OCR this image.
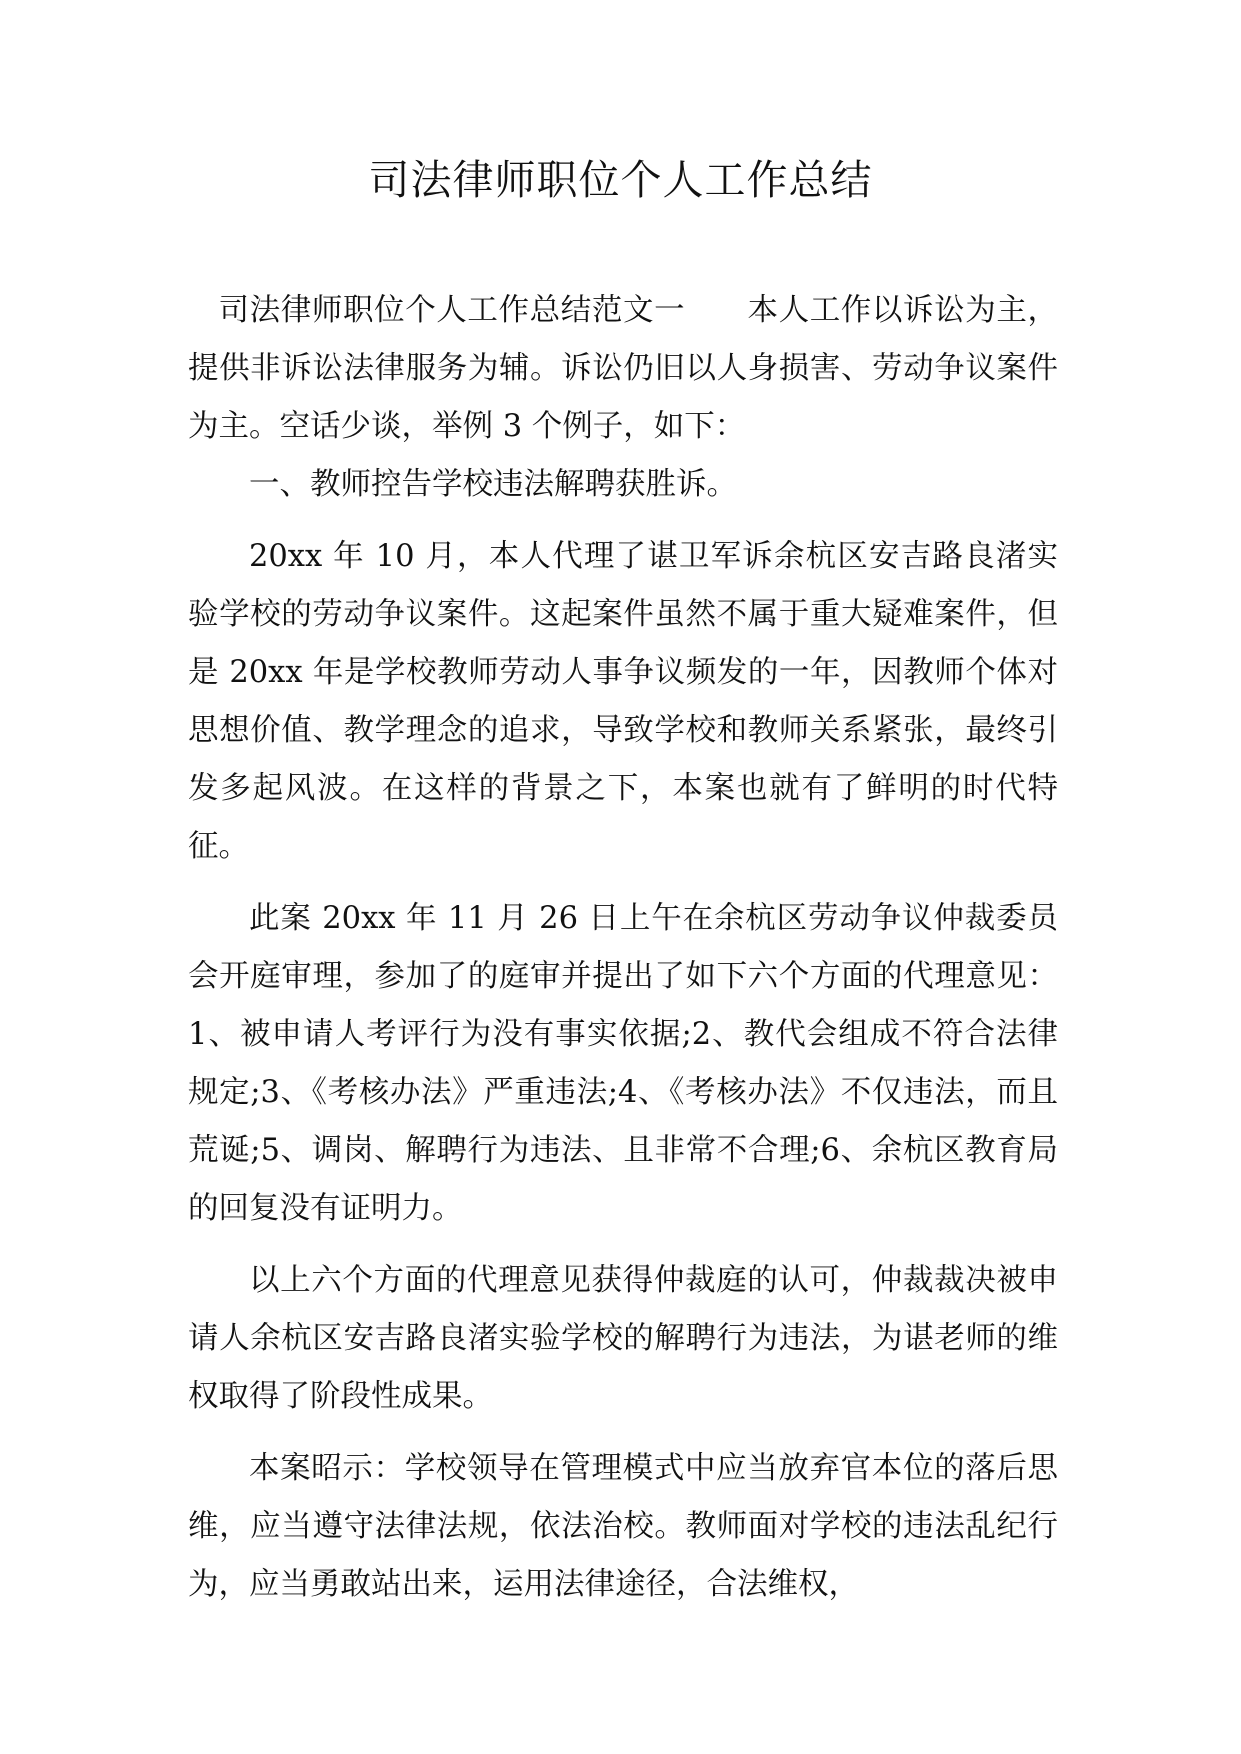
司法律师职位个人工作总结

司法律师职位个人工作总结范文一　　本人工作以诉讼为主，提供非诉讼法律服务为辅。诉讼仍旧以人身损害、劳动争议案件为主。空话少谈，举例 3 个例子，如下：

一、教师控告学校违法解聘获胜诉。

20xx 年 10 月，本人代理了谌卫军诉余杭区安吉路良渚实验学校的劳动争议案件。这起案件虽然不属于重大疑难案件，但是 20xx 年是学校教师劳动人事争议频发的一年，因教师个体对思想价值、教学理念的追求，导致学校和教师关系紧张，最终引发多起风波。在这样的背景之下，本案也就有了鲜明的时代特征。

此案 20xx 年 11 月 26 日上午在余杭区劳动争议仲裁委员会开庭审理，参加了的庭审并提出了如下六个方面的代理意见：1、被申请人考评行为没有事实依据;2、教代会组成不符合法律规定;3、《考核办法》严重违法;4、《考核办法》不仅违法，而且荒诞;5、调岗、解聘行为违法、且非常不合理;6、余杭区教育局的回复没有证明力。

以上六个方面的代理意见获得仲裁庭的认可，仲裁裁决被申请人余杭区安吉路良渚实验学校的解聘行为违法，为谌老师的维权取得了阶段性成果。

本案昭示：学校领导在管理模式中应当放弃官本位的落后思维，应当遵守法律法规，依法治校。教师面对学校的违法乱纪行为，应当勇敢站出来，运用法律途径，合法维权，
